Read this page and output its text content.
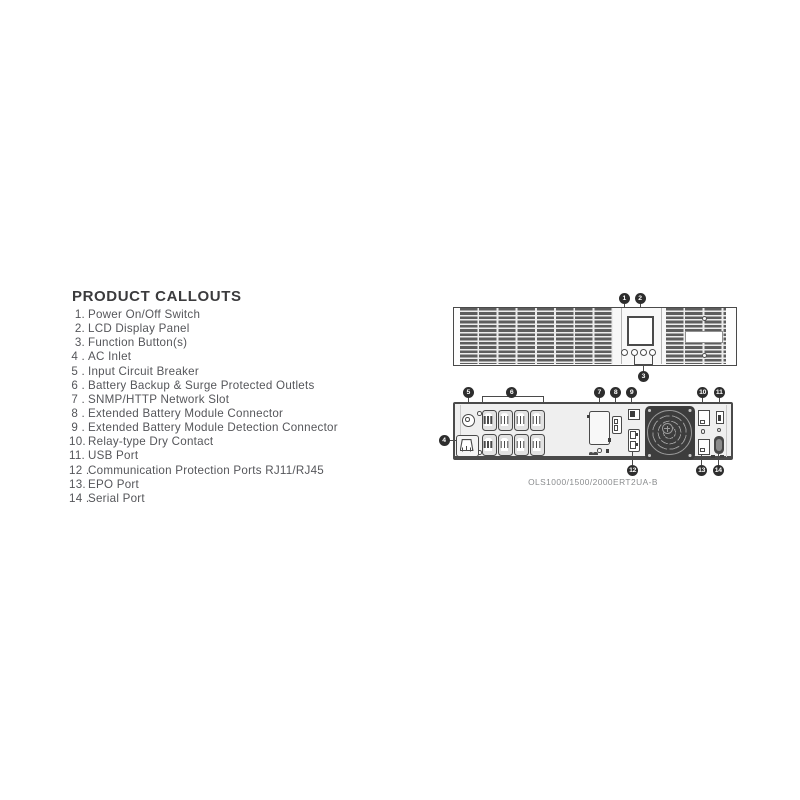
PRODUCT CALLOUTS
1. Power On/Off Switch
2. LCD Display Panel
3. Function Button(s)
4 . AC Inlet
5 . Input Circuit Breaker
6 . Battery Backup & Surge Protected Outlets
7 . SNMP/HTTP Network Slot
8 . Extended Battery Module Connector
9 . Extended Battery Module Detection Connector
10. Relay-type Dry Contact
11. USB Port
12 .
Communication Protection Ports RJ11/RJ45
13. EPO Port
14 .
Serial Port
1	2
3
4
5	6	7	8	9	10	11
12	13 14
OLS1000/1500/2000ERT2UA-B
